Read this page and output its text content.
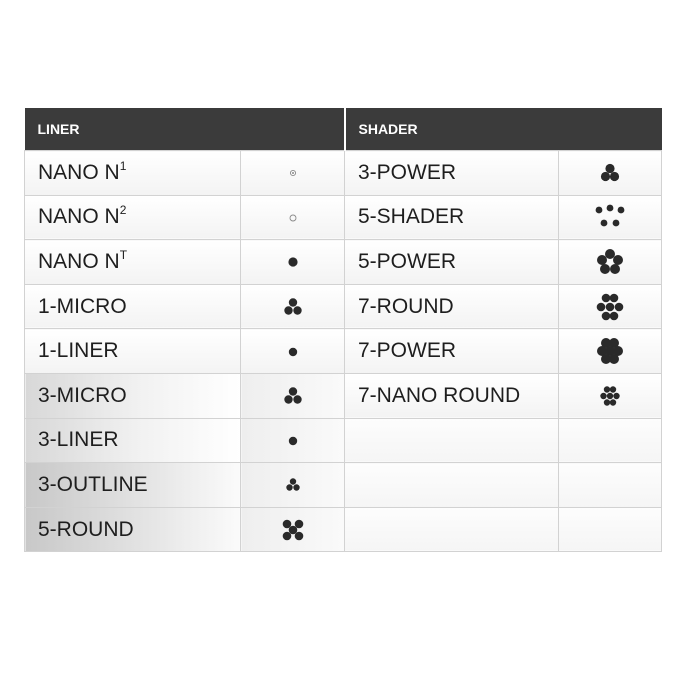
LINER		SHADER	
NANO $N^1$		3-POWER	
NANO $N^2$		5-SHADER	
NANO $N^T$		5-POWER	
1-MICRO		7-ROUND	
1-LINER		7-POWER	
3-MICRO		7-NANO ROUND	
3-LINER			
3-OUTLINE			
5-ROUND			
